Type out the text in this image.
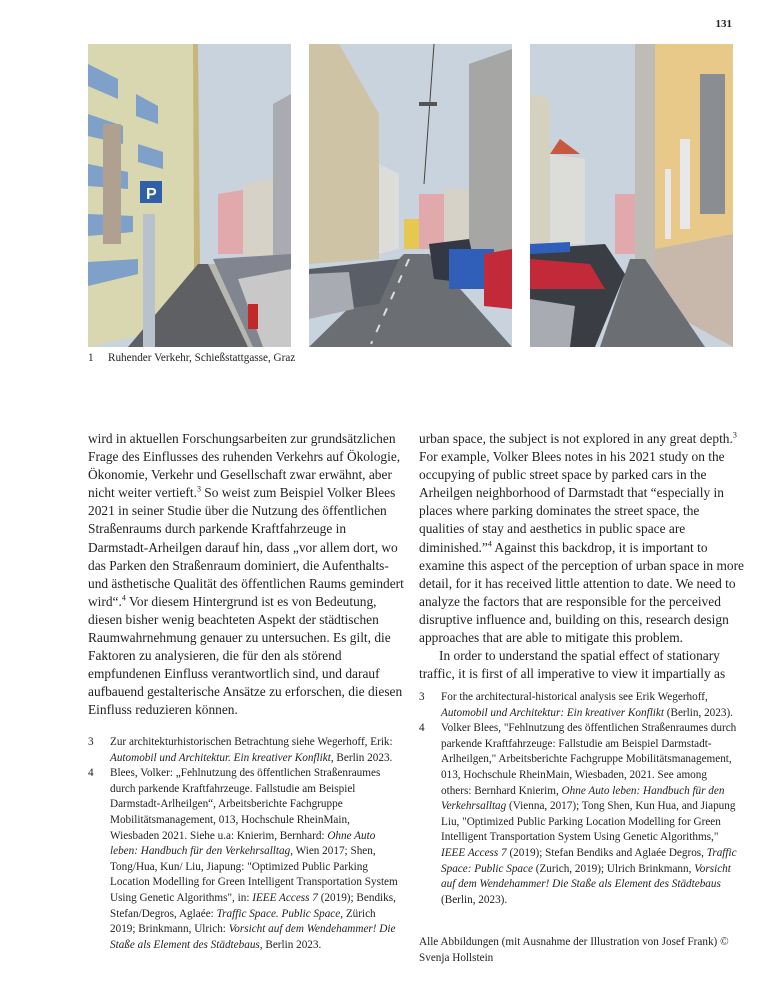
131
P
1 Ruhender Verkehr, Schießstattgasse, Graz

wird in aktuellen Forschungsarbeiten zur grundsätzlichen Frage des Einflusses des ruhenden Verkehrs auf Ökologie, Ökonomie, Verkehr und Gesellschaft zwar erwähnt, aber nicht weiter vertieft.$^3$ So weist zum Beispiel Volker Blees 2021 in seiner Studie über die Nutzung des öffentlichen Straßenraums durch parkende Kraftfahrzeuge in Darmstadt-Arheilgen darauf hin, dass „vor allem dort, wo das Parken den Straßenraum dominiert, die Aufenthalts- und ästhetische Qualität des öffentlichen Raums gemindert wird“.$^4$ Vor diesem Hintergrund ist es von Bedeutung, diesen bisher wenig beachteten Aspekt der städtischen Raumwahrnehmung genauer zu untersuchen. Es gilt, die Faktoren zu analysieren, die für den als störend empfundenen Einfluss verantwortlich sind, und darauf aufbauend gestalterische Ansätze zu erforschen, die diesen Einfluss reduzieren können.

urban space, the subject is not explored in any great depth.$^3$ For example, Volker Blees notes in his 2021 study on the occupying of public street space by parked cars in the Arheilgen neighborhood of Darmstadt that “especially in places where parking dominates the street space, the qualities of stay and aesthetics in public space are diminished.”$^4$ Against this backdrop, it is important to examine this aspect of the perception of urban space in more detail, for it has received little attention to date. We need to analyze the factors that are responsible for the perceived disruptive influence and, building on this, research design approaches that are able to mitigate this problem.

In order to understand the spatial effect of stationary traffic, it is first of all imperative to view it impartially as

3 Zur architekturhistorischen Betrachtung siehe Wegerhoff, Erik: Automobil und Architektur. Ein kreativer Konflikt, Berlin 2023.
4 Blees, Volker: „Fehlnutzung des öffentlichen Straßenraumes durch parkende Kraftfahrzeuge. Fallstudie am Beispiel Darmstadt-Arlheilgen“, Arbeitsberichte Fachgruppe Mobilitätsmanagement, 013, Hochschule RheinMain, Wiesbaden 2021. Siehe u.a: Knierim, Bernhard: Ohne Auto leben: Handbuch für den Verkehrsalltag, Wien 2017; Shen, Tong/Hua, Kun/ Liu, Jiapung: "Optimized Public Parking Location Modelling for Green Intelligent Transportation System Using Genetic Algorithms", in: IEEE Access 7 (2019); Bendiks, Stefan/Degros, Aglaée: Traffic Space. Public Space, Zürich 2019; Brinkmann, Ulrich: Vorsicht auf dem Wendehammer! Die Staße als Element des Städtebaus, Berlin 2023.
3 For the architectural-historical analysis see Erik Wegerhoff, Automobil und Architektur: Ein kreativer Konflikt (Berlin, 2023).
4 Volker Blees, "Fehlnutzung des öffentlichen Straßenraumes durch parkende Kraftfahrzeuge: Fallstudie am Beispiel Darmstadt-Arlheilgen," Arbeitsberichte Fachgruppe Mobilitätsmanagement, 013, Hochschule RheinMain, Wiesbaden, 2021. See among others: Bernhard Knierim, Ohne Auto leben: Handbuch für den Verkehrsalltag (Vienna, 2017); Tong Shen, Kun Hua, and Jiapung Liu, "Optimized Public Parking Location Modelling for Green Intelligent Transportation System Using Genetic Algorithms," IEEE Access 7 (2019); Stefan Bendiks and Aglaée Degros, Traffic Space: Public Space (Zurich, 2019); Ulrich Brinkmann, Vorsicht auf dem Wendehammer! Die Staße als Element des Städtebaus (Berlin, 2023).
Alle Abbildungen (mit Ausnahme der Illustration von Josef Frank) © Svenja Hollstein
